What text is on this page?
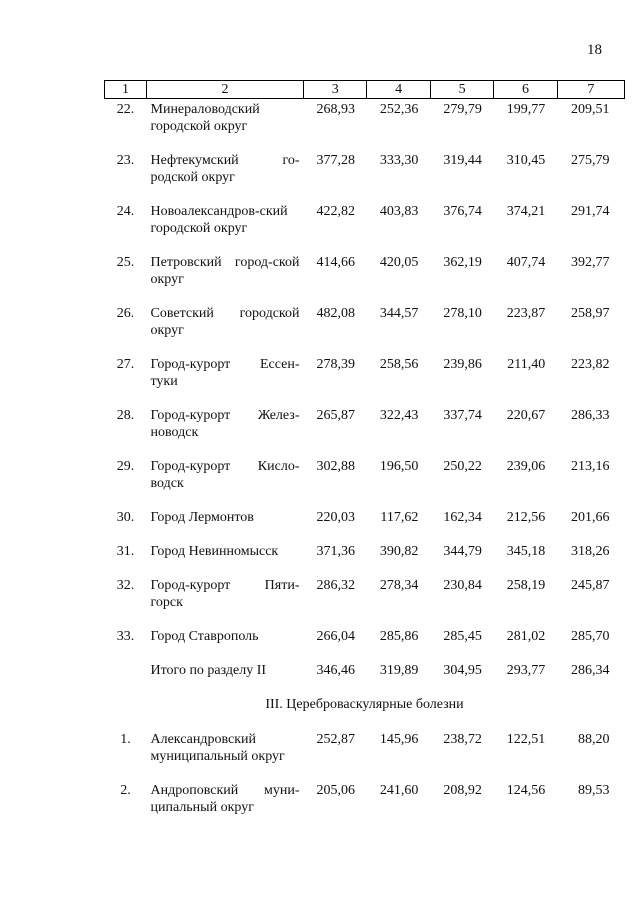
18
1	2	3	4	5	6	7
22.	Минераловодский городской округ	268,93	252,36	279,79	199,77	209,51

23.	Нефтекумский го-родской округ	377,28	333,30	319,44	310,45	275,79

24.	Новоалександров-ский городской округ	422,82	403,83	376,74	374,21	291,74

25.	Петровский город-ской округ	414,66	420,05	362,19	407,74	392,77

26.	Советский городской округ	482,08	344,57	278,10	223,87	258,97

27.	Город-курорт Ессен-туки	278,39	258,56	239,86	211,40	223,82

28.	Город-курорт Желез-новодск	265,87	322,43	337,74	220,67	286,33

29.	Город-курорт Кисло-водск	302,88	196,50	250,22	239,06	213,16

30.	Город Лермонтов	220,03	117,62	162,34	212,56	201,66

31.	Город Невинномысск	371,36	390,82	344,79	345,18	318,26

32.	Город-курорт Пяти-горск	286,32	278,34	230,84	258,19	245,87

33.	Город Ставрополь	266,04	285,86	285,45	281,02	285,70

	Итого по разделу II	346,46	319,89	304,95	293,77	286,34

III. Цереброваскулярные болезни						
1.	Александровский муниципальный округ	252,87	145,96	238,72	122,51	88,20

2.	Андроповский муни-ципальный округ	205,06	241,60	208,92	124,56	89,53
